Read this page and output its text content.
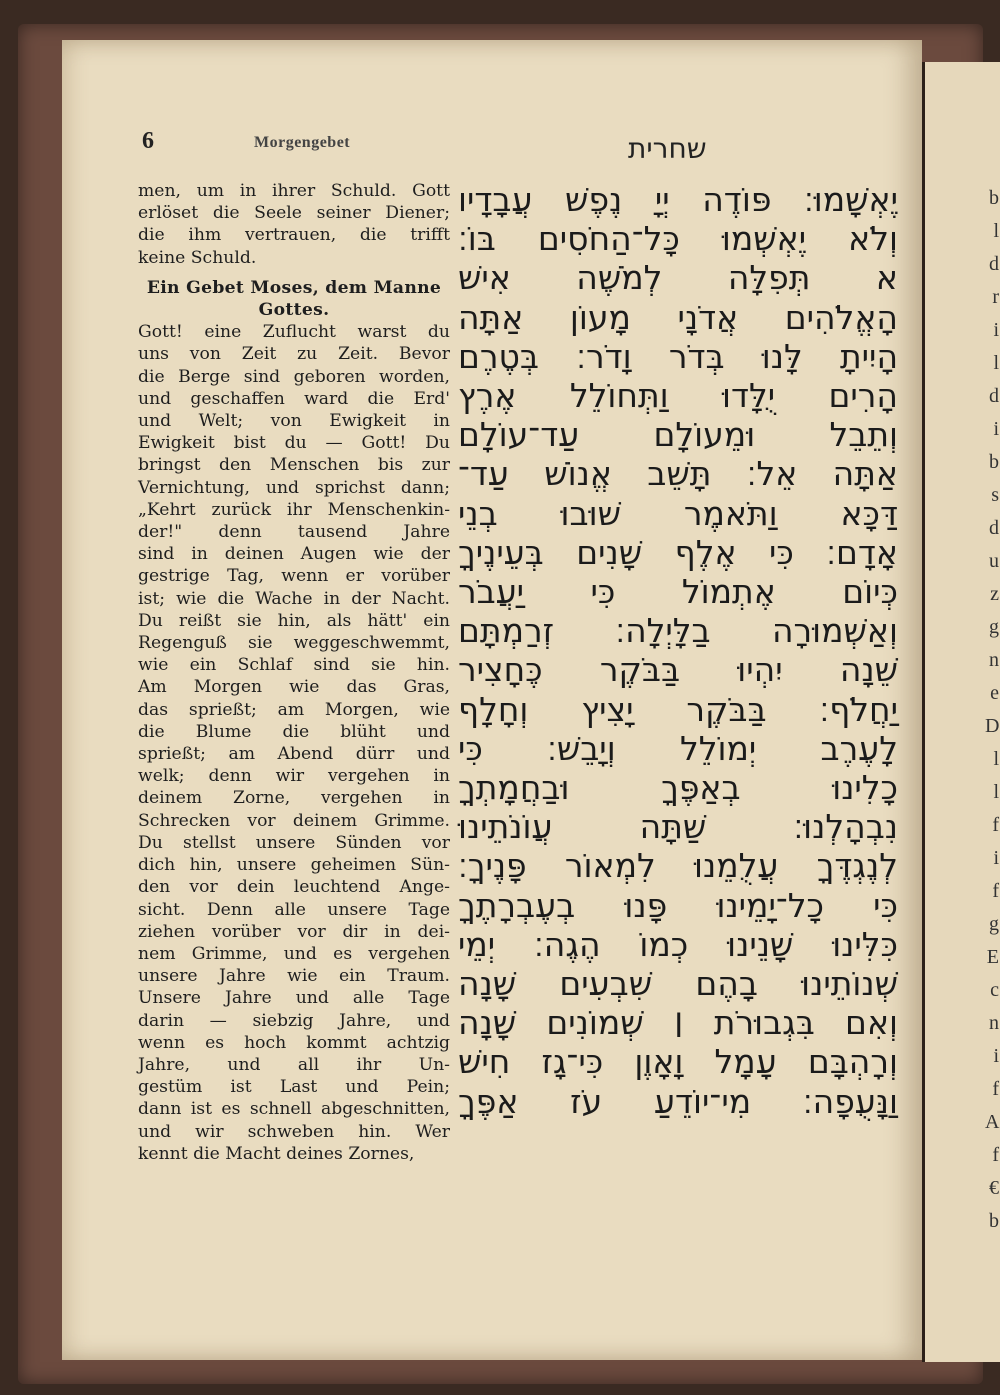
b
l
d
r
i
l
d
i
b
s
d
u
z
g
n
e
D
l
l
f
i
f
g
E
c
n
i
f
A
f
€
b
6	Morgengebet	שחרית
men, um in ihrer Schuld. Gott
erlöset die Seele seiner Diener;
die ihm vertrauen, die trifft
keine Schuld.
Ein Gebet Moses, dem Manne
Gottes.
Gott! eine Zuflucht warst du
uns von Zeit zu Zeit. Bevor
die Berge sind geboren worden,
und geschaffen ward die Erd'
und Welt; von Ewigkeit in
Ewigkeit bist du — Gott! Du
bringst den Menschen bis zur
Vernichtung, und sprichst dann;
„Kehrt zurück ihr Menschenkin-
der!" denn tausend Jahre
sind in deinen Augen wie der
gestrige Tag, wenn er vorüber
ist; wie die Wache in der Nacht.
Du reißt sie hin, als hätt' ein
Regenguß sie weggeschwemmt,
wie ein Schlaf sind sie hin.
Am Morgen wie das Gras,
das sprießt; am Morgen, wie
die Blume die blüht und
sprießt; am Abend dürr und
welk; denn wir vergehen in
deinem Zorne, vergehen in
Schrecken vor deinem Grimme.
Du stellst unsere Sünden vor
dich hin, unsere geheimen Sün-
den vor dein leuchtend Ange-
sicht. Denn alle unsere Tage
ziehen vorüber vor dir in dei-
nem Grimme, und es vergehen
unsere Jahre wie ein Traum.
Unsere Jahre und alle Tage
darin — siebzig Jahre, und
wenn es hoch kommt achtzig
Jahre, und all ihr Un-
gestüm ist Last und Pein;
dann ist es schnell abgeschnitten,
und wir schweben hin. Wer
kennt die Macht deines Zornes,
יֶאְשָׁמוּ׃ פּוֹדֶה יְיָ נֶפֶשׁ עֲבָדָיו
וְלֹא יֶאְשְׁמוּ כָּל־הַחֹסִים בּוֹ׃
א תְּפִלָּה לְמֹשֶׁה אִישׁ
הָאֱלֹהִים אֲדֹנָי מָעוֹן אַתָּה
הָיִיתָ לָּנוּ בְּדֹר וָדֹר׃ בְּטֶרֶם
הָרִים יֻלָּדוּ וַתְּחוֹלֵל אֶרֶץ
וְתֵבֵל וּמֵעוֹלָם עַד־עוֹלָם
אַתָּה אֵל׃ תָּשֵׁב אֱנוֹשׁ עַד־
דַּכָּא וַתֹּאמֶר שׁוּבוּ בְנֵי
אָדָם׃ כִּי אֶלֶף שָׁנִים בְּעֵינֶיךָ
כְּיוֹם אֶתְמוֹל כִּי יַעֲבֹר
וְאַשְׁמוּרָה בַלָּיְלָה׃ זְרַמְתָּם
שֵׁנָה יִהְיוּ בַּבֹּקֶר כֶּחָצִיר
יַחֲלֹף׃ בַּבֹּקֶר יָצִיץ וְחָלָף
לָעֶרֶב יְמוֹלֵל וְיָבֵשׁ׃ כִּי
כָלִינוּ בְאַפֶּךָ וּבַחֲמָתְךָ
נִבְהָלְנוּ׃ שַׁתָּה עֲוֹנֹתֵינוּ
לְנֶגְדֶּךָ עֲלֻמֵנוּ לִמְאוֹר פָּנֶיךָ׃
כִּי כָל־יָמֵינוּ פָּנוּ בְעֶבְרָתֶךָ
כִּלִּינוּ שָׁנֵינוּ כְמוֹ הֶגֶה׃ יְמֵי
שְׁנוֹתֵינוּ בָהֶם שִׁבְעִים שָׁנָה
וְאִם בִּגְבוּרֹת ׀ שְׁמוֹנִים שָׁנָה
וְרָהְבָּם עָמָל וָאָוֶן כִּי־גָז חִישׁ
וַנָּעֻפָה׃ מִי־יוֹדֵעַ עֹז אַפֶּךָ
